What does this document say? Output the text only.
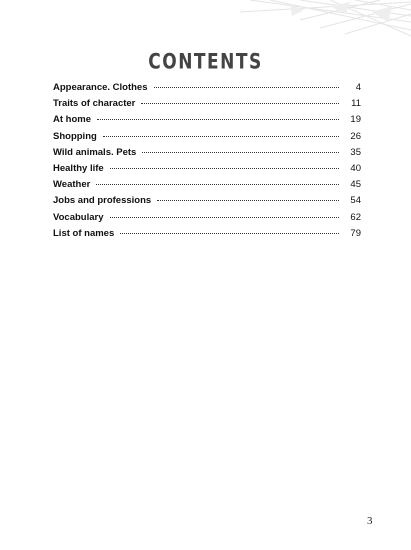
CONTENTS
Appearance. Clothes	4
Traits of character	11
At home	19
Shopping	26
Wild animals. Pets	35
Healthy life	40
Weather	45
Jobs and professions	54
Vocabulary	62
List of names	79
3
